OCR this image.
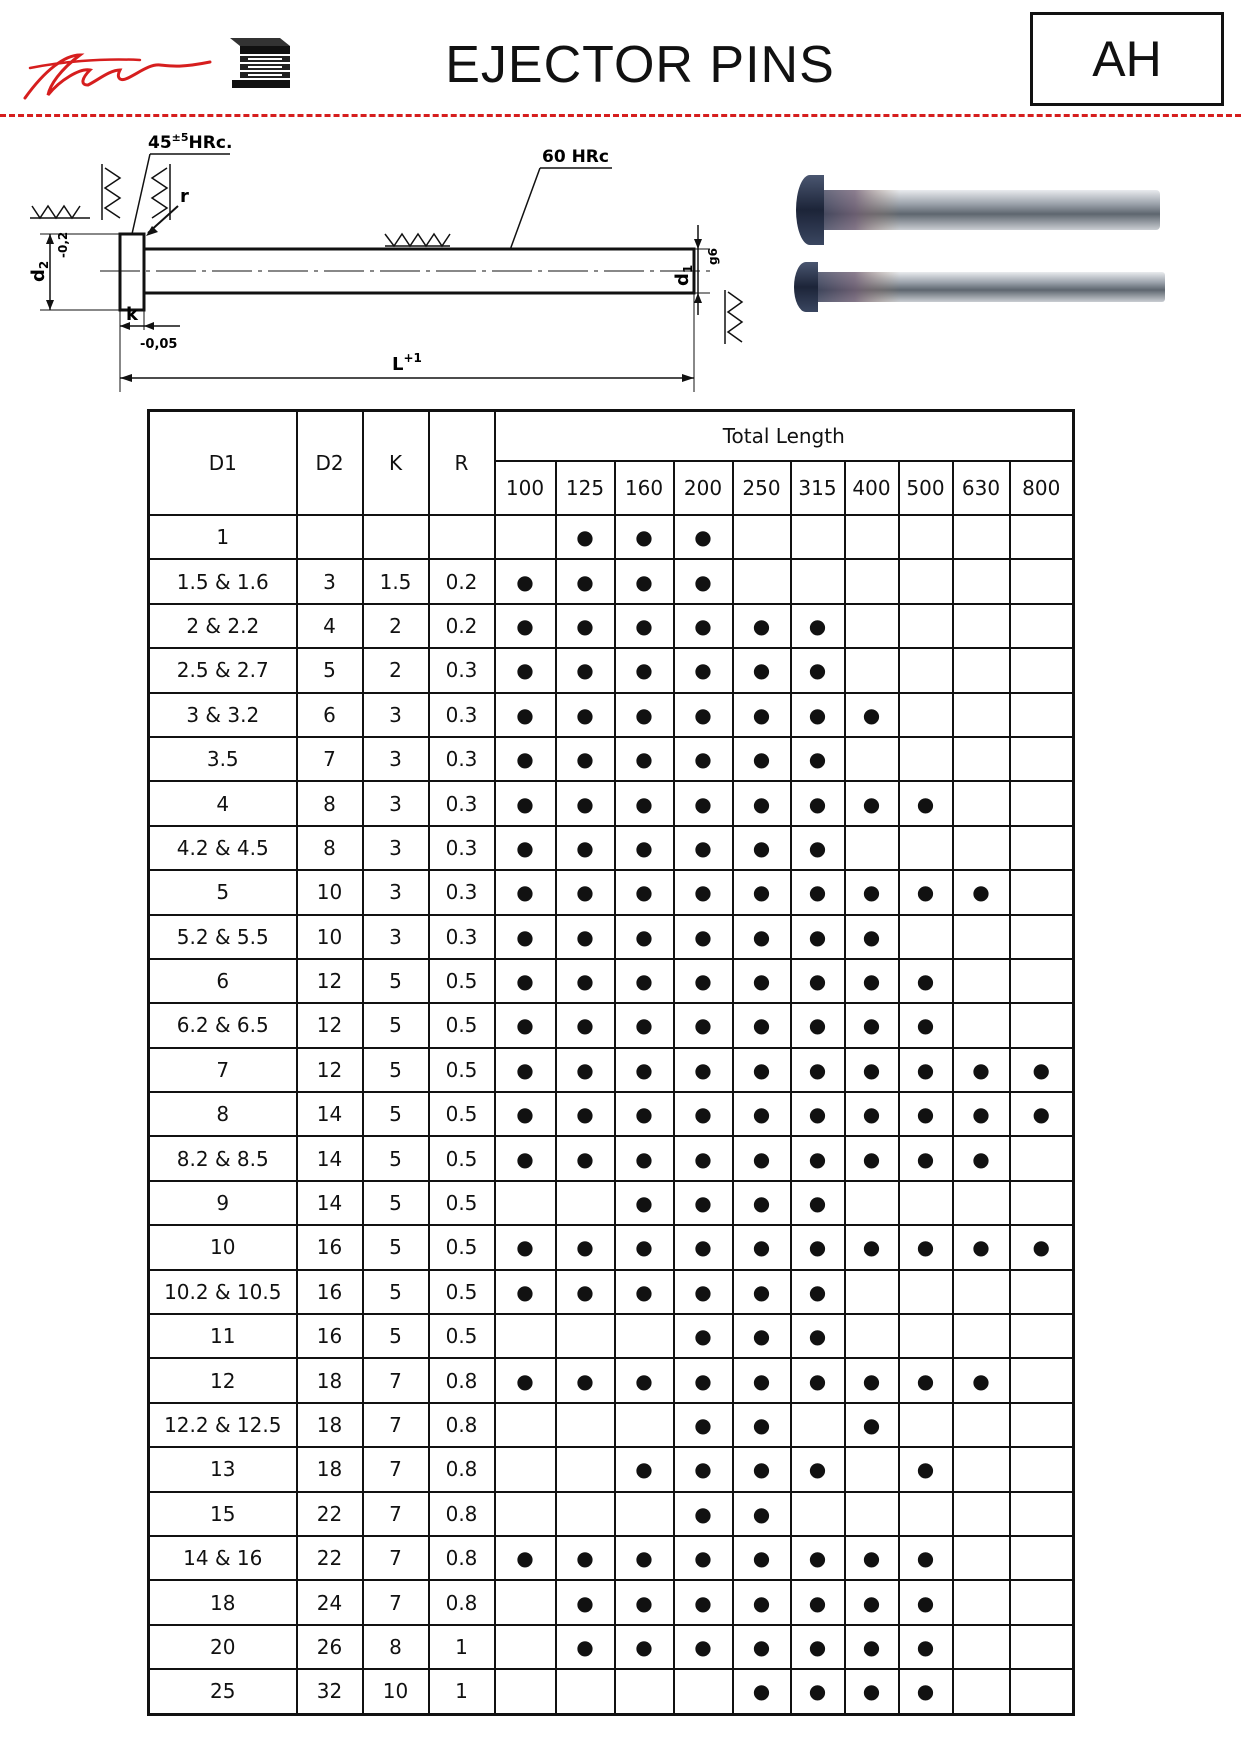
EJECTOR PINS	AH
$45^{\pm 5}HRc$.
60 HRc
r
$d_2$
-0,2
$d_1$
g6
k
-0,05
$L^{+1}$
D1	D2	K	R	Total Length									
				100	125	160	200	250	315	400	500	630	800
1					●	●	●						
1.5 & 1.6	3	1.5	0.2	●	●	●	●						
2 & 2.2	4	2	0.2	●	●	●	●	●	●				
2.5 & 2.7	5	2	0.3	●	●	●	●	●	●				
3 & 3.2	6	3	0.3	●	●	●	●	●	●	●			
3.5	7	3	0.3	●	●	●	●	●	●				
4	8	3	0.3	●	●	●	●	●	●	●	●		
4.2 & 4.5	8	3	0.3	●	●	●	●	●	●				
5	10	3	0.3	●	●	●	●	●	●	●	●	●	
5.2 & 5.5	10	3	0.3	●	●	●	●	●	●	●			
6	12	5	0.5	●	●	●	●	●	●	●	●		
6.2 & 6.5	12	5	0.5	●	●	●	●	●	●	●	●		
7	12	5	0.5	●	●	●	●	●	●	●	●	●	●
8	14	5	0.5	●	●	●	●	●	●	●	●	●	●
8.2 & 8.5	14	5	0.5	●	●	●	●	●	●	●	●	●	
9	14	5	0.5			●	●	●	●				
10	16	5	0.5	●	●	●	●	●	●	●	●	●	●
10.2 & 10.5	16	5	0.5	●	●	●	●	●	●				
11	16	5	0.5				●	●	●				
12	18	7	0.8	●	●	●	●	●	●	●	●	●	
12.2 & 12.5	18	7	0.8				●	●		●			
13	18	7	0.8			●	●	●	●		●		
15	22	7	0.8				●	●					
14 & 16	22	7	0.8	●	●	●	●	●	●	●	●		
18	24	7	0.8		●	●	●	●	●	●	●		
20	26	8	1		●	●	●	●	●	●	●		
25	32	10	1					●	●	●	●		
